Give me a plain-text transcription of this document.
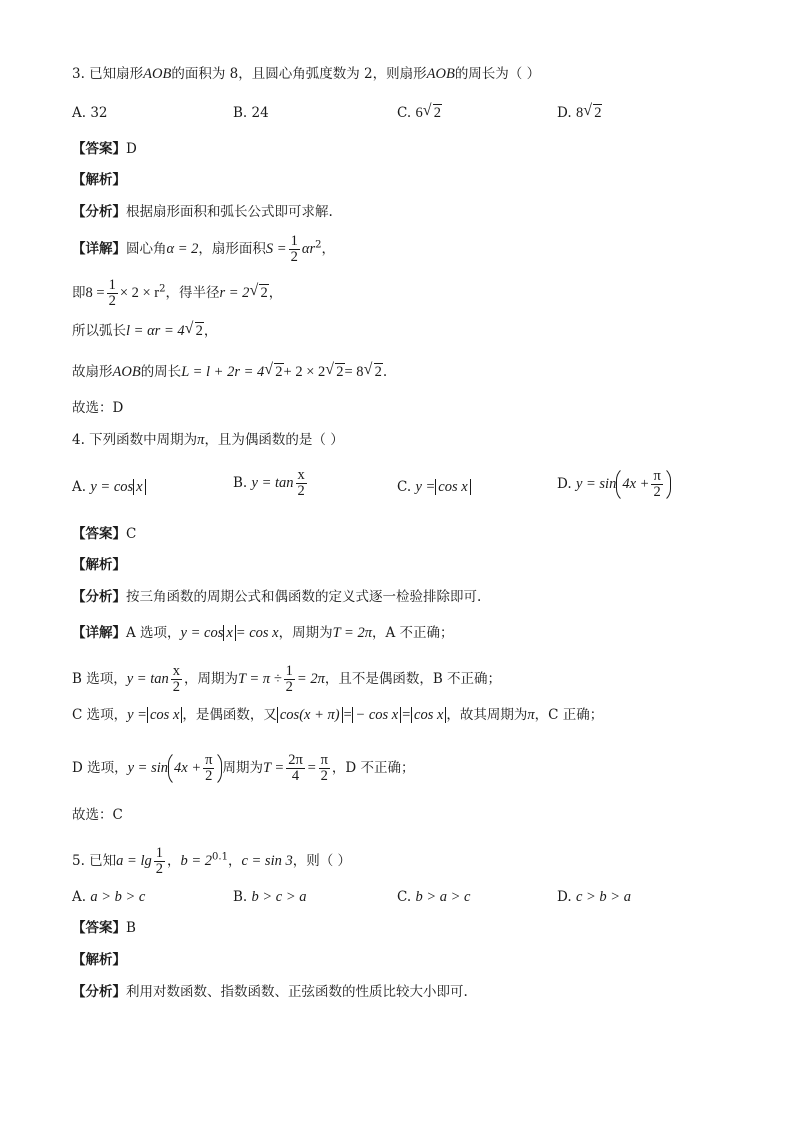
3. 已知扇形AOB的面积为 8，且圆心角弧度数为 2，则扇形AOB的周长为（ ）
A. 32	B. 24	C. 6 √ 2	D. 8 √ 2
【答案】D
【解析】
【分析】根据扇形面积和弧长公式即可求解.
【详解】圆心角α = 2，扇形面积$S = \frac{1}{2} \alpha r^2$，
即$8 = \frac{1}{2} \times 2 \times r^2$，得半径r = 2 √ 2，
所以弧长l = αr = 4 √ 2，
故扇形AOB的周长L = l + 2r = 4 √ 2+ 2 × 2 √ 2= 8 √ 2.
故选：D
4. 下列函数中周期为π，且为偶函数的是（ ）
A. y = cos x	B. $y = \tan \frac{x}{2}$	C. y = cos x	D. $y = \sin 4x + \frac{\pi}{2}$
【答案】C
【解析】
【分析】按三角函数的周期公式和偶函数的定义式逐一检验排除即可.
【详解】A 选项，y = cos x = cos x，周期为T = 2π，A 不正确；
B 选项，$y = \tan \frac{x}{2}$ ，周期为$T = \pi \div \frac{1}{2} = 2\pi$，且不是偶函数，B 不正确；
C 选项，y = cos x ，是偶函数，又 cos(x + π) = − cos x = cos x ，故其周期为π，C 正确；
D 选项，$y = \sin 4x + \frac{\pi}{2}$ 周期为$T = \frac{2\pi}{4} = \frac{\pi}{2}$ ，D 不正确；
故选：C
5. 已知$a = \lg \frac{1}{2}$ ，$b = 2^{0.1}$，c = sin 3，则（ ）
A. a > b > c	B. b > c > a	C. b > a > c	D. c > b > a
【答案】B
【解析】
【分析】利用对数函数、指数函数、正弦函数的性质比较大小即可.
